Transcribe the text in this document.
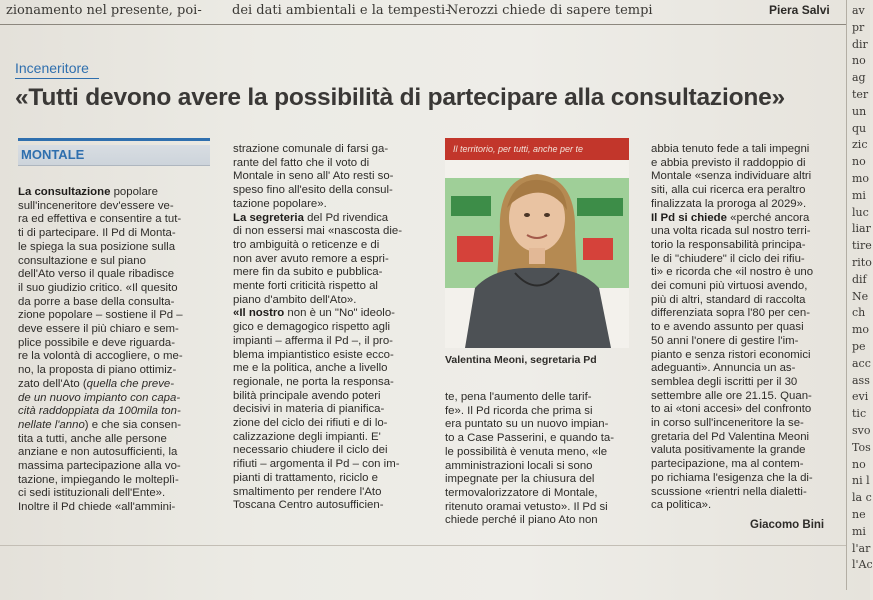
zionamento nel presente, poi- dei dati ambientali e la tempesti-
Nerozzi chiede di sapere tempi	Piera Salvi av
pr
dir
no
ag
ter
un
qu
zic
no
mo
mi
luc
liar
tire
rito
dif
Ne
ch
mo
pe
acc
ass
evi
tic
svo
Tos
no
ni l
la c
ne
mi
l'ar
l'Ac
Inceneritore
«Tutti devono avere la possibilità di partecipare alla consultazione»
MONTALE
La consultazione popolare
sull'inceneritore dev'essere ve-
ra ed effettiva e consentire a tut-
ti di partecipare. Il Pd di Monta-
le spiega la sua posizione sulla
consultazione e sul piano
dell'Ato verso il quale ribadisce
il suo giudizio critico. «Il quesito
da porre a base della consulta-
zione popolare – sostiene il Pd –
deve essere il più chiaro e sem-
plice possibile e deve riguarda-
re la volontà di accoglierе, o me-
no, la proposta di piano ottimiz-
zato dell'Ato (quella che preve-
de un nuovo impianto con capa-
cità raddoppiata da 100mila ton-
nellate l'anno) e che sia consen-
tita a tutti, anche alle persone
anziane e non autosufficienti, la
massima partecipazione alla vo-
tazione, impiegando le molteplì-
ci sedi istituzionali dell'Ente».
Inoltre il Pd chiede «all'ammini-
strazione comunale di farsi ga-
rante del fatto che il voto di
Montale in seno all' Ato resti so-
speso fino all'esito della consul-
tazione popolare».
La segreteria del Pd rivendica
di non essersi mai «nascosta die-
tro ambiguità o reticenze e di
non aver avuto remore a espri-
mere fin da subito e pubblica-
mente forti criticità rispetto al
piano d'ambito dell'Ato».
«Il nostro non è un "No" ideolo-
gico e demagogico rispetto agli
impianti – afferma il Pd –, il pro-
blema impiantistico esiste ecco-
me e la politica, anche a livello
regionale, ne porta la responsa-
bilità principale avendo poteri
decisivi in materia di pianifica-
zione del ciclo dei rifiuti e di lo-
calizzazione degli impianti. E'
necessario chiudere il ciclo dei
rifiuti – argomenta il Pd – con im-
pianti di trattamento, riciclo e
smaltimento per rendere l'Ato
Toscana Centro autosufficien-
te, pena l'aumento delle tarif-
fe». Il Pd ricorda che prima si
era puntato su un nuovo impian-
to a Case Passerini, e quando ta-
le possibilità è venuta meno, «le
amministrazioni locali si sono
impegnate per la chiusura del
termovalorizzatore di Montale,
ritenuto oramai vetusto». Il Pd si
chiede perché il piano Ato non
abbia tenuto fede a tali impegni
e abbia previsto il raddoppio di
Montale «senza individuare altri
siti, alla cui ricerca era peraltro
finalizzata la proroga al 2029».
Il Pd si chiede «perché ancora
una volta ricada sul nostro terri-
torio la responsabilità principa-
le di "chiudere" il ciclo dei rifiu-
ti» e ricorda che «il nostro è uno
dei comuni più virtuosi avendo,
più di altri, standard di raccolta
differenziata sopra l'80 per cen-
to e avendo assunto per quasi
50 anni l'onere di gestire l'im-
pianto e senza ristori economici
adeguanti». Annuncia un as-
semblea degli iscritti per il 30
settembre alle ore 21.15. Quan-
to ai «toni accesi» del confronto
in corso sull'inceneritore la se-
gretaria del Pd Valentina Meoni
valuta positivamente la grande
partecipazione, ma al contem-
po richiama l'esigenza che la di-
scussione «rientri nella dialetti-
ca politica».
Il territorio, per tutti, anche per te
Valentina Meoni, segretaria Pd
Giacomo Bini
